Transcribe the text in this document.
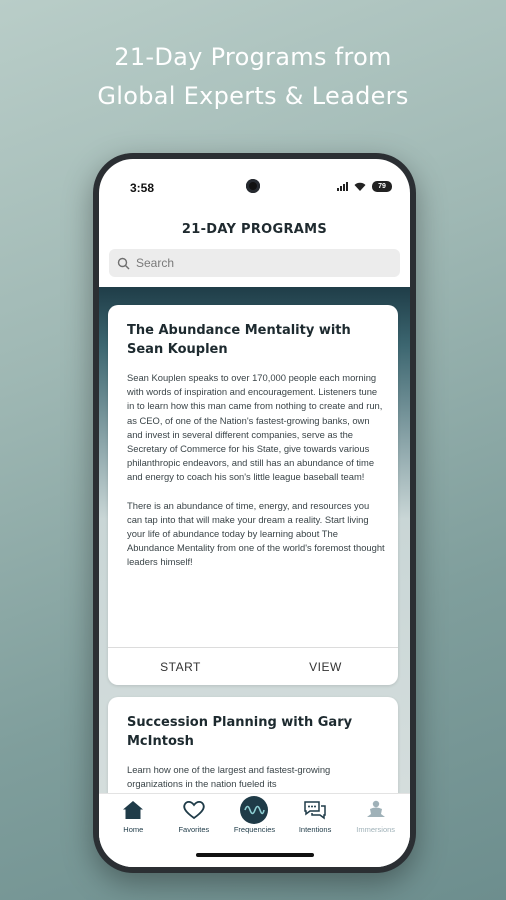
21-Day Programs from
Global Experts & Leaders
3:58	79
21-DAY PROGRAMS
Search
The Abundance Mentality with Sean Kouplen

Sean Kouplen speaks to over 170,000 people each morning with words of inspiration and encouragement. Listeners tune in to learn how this man came from nothing to create and run, as CEO, of one of the Nation's fastest-growing banks, own and invest in several different companies, serve as the Secretary of Commerce for his State, give towards various philanthropic endeavors, and still has an abundance of time and energy to coach his son's little league baseball team!

There is an abundance of time, energy, and resources you can tap into that will make your dream a reality. Start living your life of abundance today by learning about The Abundance Mentality from one of the world's foremost thought leaders himself!

START	VIEW
Succession Planning with Gary McIntosh

Learn how one of the largest and fastest-growing organizations in the nation fueled its

Home	Favorites	Frequencies	Intentions	Immersions
